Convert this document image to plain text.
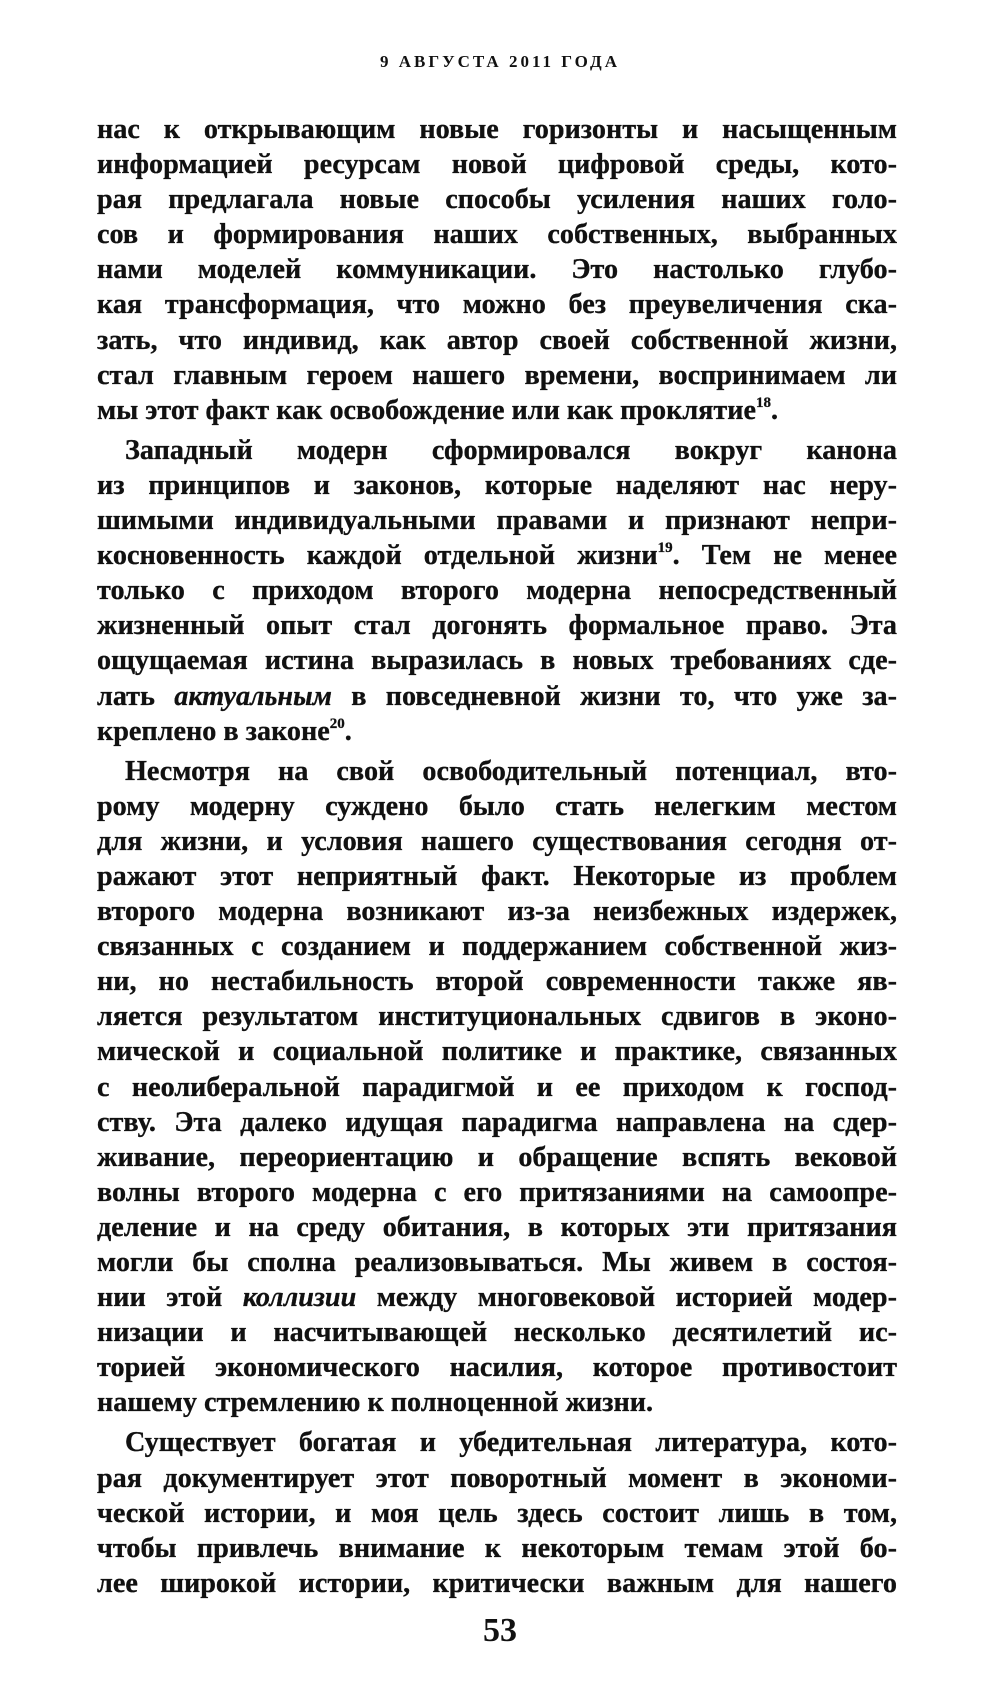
9 АВГУСТА 2011 ГОДА
нас к открывающим новые горизонты и насыщенным
информацией ресурсам новой цифровой среды, кото-
рая предлагала новые способы усиления наших голо-
сов и формирования наших собственных, выбранных
нами моделей коммуникации. Это настолько глубо-
кая трансформация, что можно без преувеличения ска-
зать, что индивид, как автор своей собственной жизни,
стал главным героем нашего времени, воспринимаем ли
мы этот факт как освобождение или как проклятие$^{18}$.
Западный модерн сформировался вокруг канона
из принципов и законов, которые наделяют нас неру-
шимыми индивидуальными правами и признают непри-
косновенность каждой отдельной жизни$^{19}$. Тем не менее
только с приходом второго модерна непосредственный
жизненный опыт стал догонять формальное право. Эта
ощущаемая истина выразилась в новых требованиях сде-
лать актуальным в повседневной жизни то, что уже за-
креплено в законе$^{20}$.
Несмотря на свой освободительный потенциал, вто-
рому модерну суждено было стать нелегким местом
для жизни, и условия нашего существования сегодня от-
ражают этот неприятный факт. Некоторые из проблем
второго модерна возникают из-за неизбежных издержек,
связанных с созданием и поддержанием собственной жиз-
ни, но нестабильность второй современности также яв-
ляется результатом институциональных сдвигов в эконо-
мической и социальной политике и практике, связанных
с неолиберальной парадигмой и ее приходом к господ-
ству. Эта далеко идущая парадигма направлена на сдер-
живание, переориентацию и обращение вспять вековой
волны второго модерна с его притязаниями на самоопре-
деление и на среду обитания, в которых эти притязания
могли бы сполна реализовываться. Мы живем в состоя-
нии этой коллизии между многовековой историей модер-
низации и насчитывающей несколько десятилетий ис-
торией экономического насилия, которое противостоит
нашему стремлению к полноценной жизни.
Существует богатая и убедительная литература, кото-
рая документирует этот поворотный момент в экономи-
ческой истории, и моя цель здесь состоит лишь в том,
чтобы привлечь внимание к некоторым темам этой бо-
лее широкой истории, критически важным для нашего
53
